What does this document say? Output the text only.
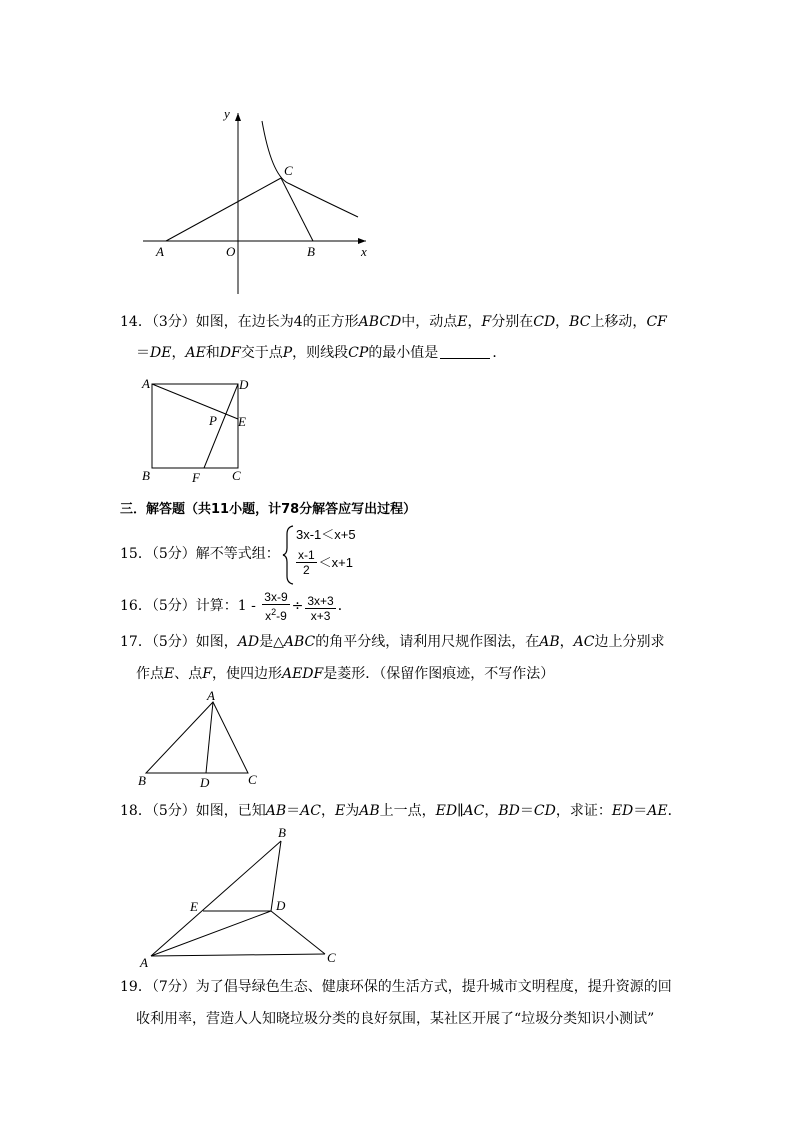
y
x
A	O	B
C
14．（3分）如图，在边长为4的正方形ABCD中，动点E，F分别在CD，BC上移动，CF
＝DE，AE和DF交于点P，则线段CP的最小值是	．
A	D
P E
B	F C
三．解答题（共11小题，计78分解答应写出过程）
15．（5分）解不等式组：
3x-1＜x+5
$\frac{x-1}{2} <x+1$
16．（5分）计算：$1 - \frac{3x-9}{x^2-9} \div \frac{3x+3}{x+3}$ ．
17．（5分）如图，AD是△ABC的角平分线，请利用尺规作图法，在AB，AC边上分别求
作点E、点F，使四边形AEDF是菱形．（保留作图痕迹，不写作法）
A
B	D	C
18．（5分）如图，已知AB＝AC，E为AB上一点，ED∥AC，BD＝CD，求证：ED＝AE．
B
E	D
A	C
19．（7分）为了倡导绿色生态、健康环保的生活方式，提升城市文明程度，提升资源的回
收利用率，营造人人知晓垃圾分类的良好氛围，某社区开展了“垃圾分类知识小测试”
